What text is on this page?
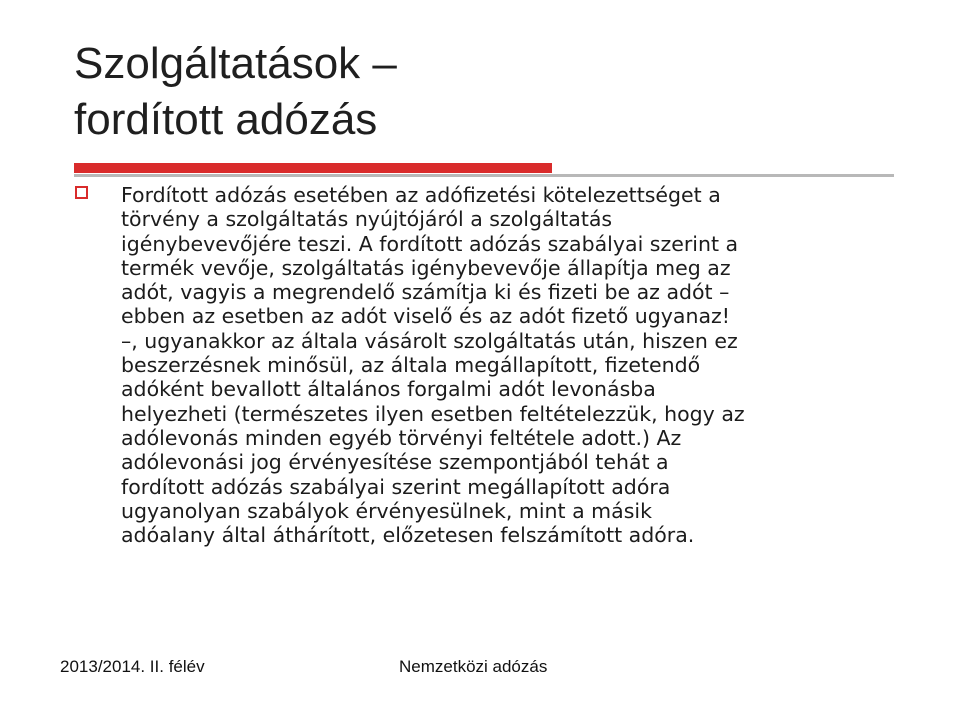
Szolgáltatások –
fordított adózás

Fordított adózás esetében az adófizetési kötelezettséget a
törvény a szolgáltatás nyújtójáról a szolgáltatás
igénybevevőjére teszi. A fordított adózás szabályai szerint a
termék vevője, szolgáltatás igénybevevője állapítja meg az
adót, vagyis a megrendelő számítja ki és fizeti be az adót –
ebben az esetben az adót viselő és az adót fizető ugyanaz!
–, ugyanakkor az általa vásárolt szolgáltatás után, hiszen ez
beszerzésnek minősül, az általa megállapított, fizetendő
adóként bevallott általános forgalmi adót levonásba
helyezheti (természetes ilyen esetben feltételezzük, hogy az
adólevonás minden egyéb törvényi feltétele adott.) Az
adólevonási jog érvényesítése szempontjából tehát a
fordított adózás szabályai szerint megállapított adóra
ugyanolyan szabályok érvényesülnek, mint a másik
adóalany által áthárított, előzetesen felszámított adóra.

2013/2014. II. félév	Nemzetközi adózás
